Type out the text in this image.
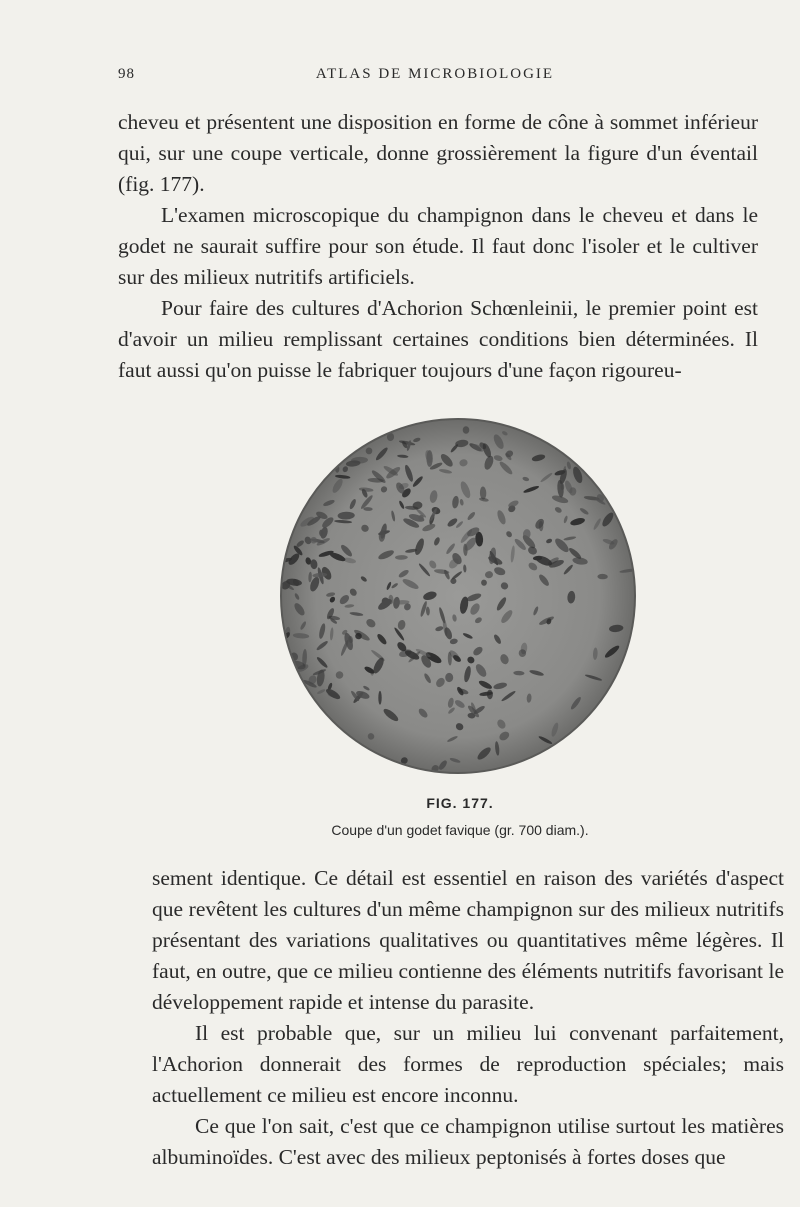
98	ATLAS DE MICROBIOLOGIE

cheveu et présentent une disposition en forme de cône à sommet inférieur qui, sur une coupe verticale, donne grossièrement la figure d'un éventail (fig. 177).

L'examen microscopique du champignon dans le cheveu et dans le godet ne saurait suffire pour son étude. Il faut donc l'isoler et le cultiver sur des milieux nutritifs artificiels.

Pour faire des cultures d'Achorion Schœnleinii, le premier point est d'avoir un milieu remplissant certaines conditions bien déterminées. Il faut aussi qu'on puisse le fabriquer toujours d'une façon rigoureu-

FIG. 177.
Coupe d'un godet favique (gr. 700 diam.).

sement identique. Ce détail est essentiel en raison des variétés d'aspect que revêtent les cultures d'un même champignon sur des milieux nutritifs présentant des variations qualitatives ou quantitatives même légères. Il faut, en outre, que ce milieu contienne des éléments nutritifs favorisant le développement rapide et intense du parasite.

Il est probable que, sur un milieu lui convenant parfaitement, l'Achorion donnerait des formes de reproduction spéciales; mais actuellement ce milieu est encore inconnu.

Ce que l'on sait, c'est que ce champignon utilise surtout les matières albuminoïdes. C'est avec des milieux peptonisés à fortes doses que
